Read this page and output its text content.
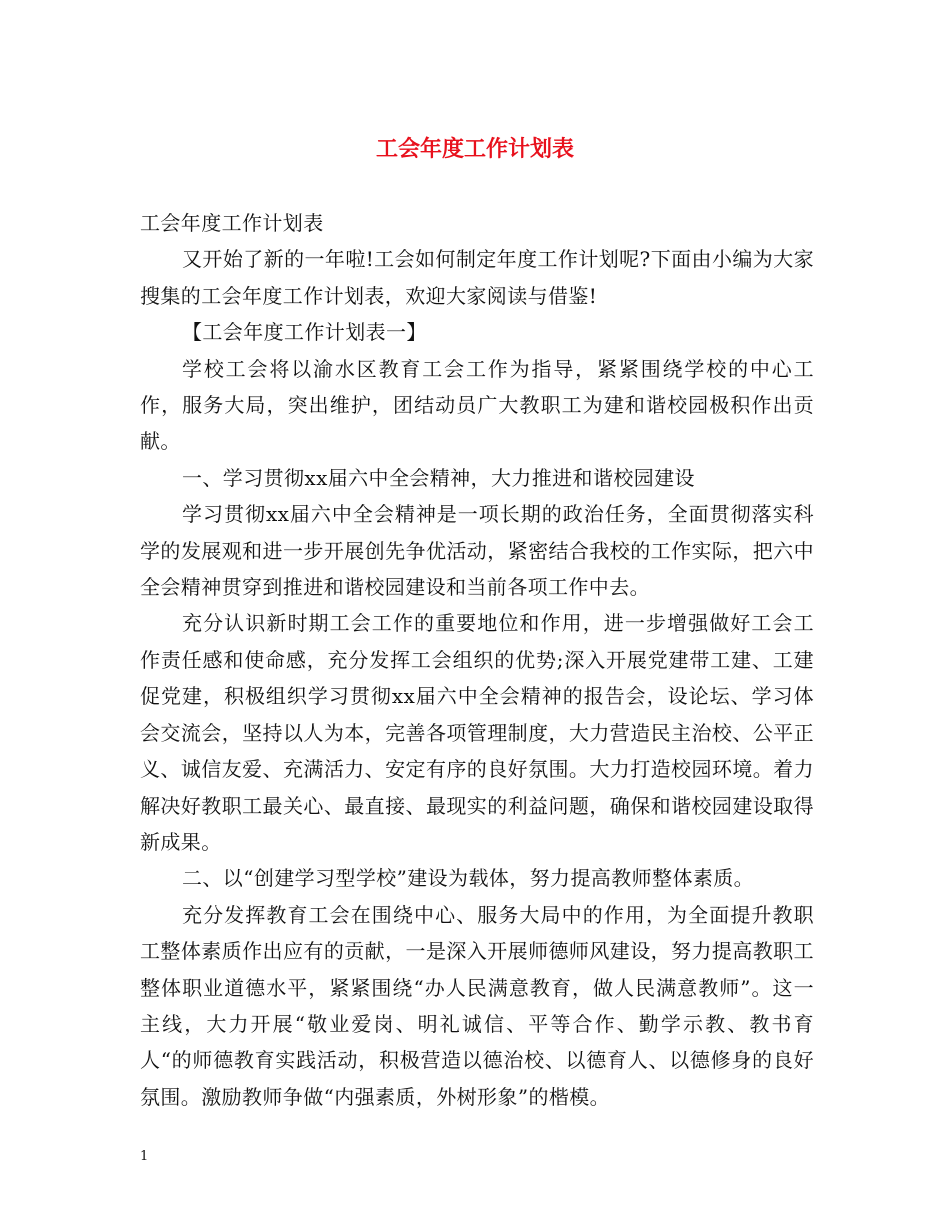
工会年度工作计划表

工会年度工作计划表

又开始了新的一年啦!工会如何制定年度工作计划呢?下面由小编为大家搜集的工会年度工作计划表，欢迎大家阅读与借鉴!

【工会年度工作计划表一】

学校工会将以渝水区教育工会工作为指导，紧紧围绕学校的中心工作，服务大局，突出维护，团结动员广大教职工为建和谐校园极积作出贡献。

一、学习贯彻xx届六中全会精神，大力推进和谐校园建设

学习贯彻xx届六中全会精神是一项长期的政治任务，全面贯彻落实科学的发展观和进一步开展创先争优活动，紧密结合我校的工作实际，把六中全会精神贯穿到推进和谐校园建设和当前各项工作中去。

充分认识新时期工会工作的重要地位和作用，进一步增强做好工会工作责任感和使命感，充分发挥工会组织的优势;深入开展党建带工建、工建促党建，积极组织学习贯彻xx届六中全会精神的报告会，设论坛、学习体会交流会，坚持以人为本，完善各项管理制度，大力营造民主治校、公平正义、诚信友爱、充满活力、安定有序的良好氛围。大力打造校园环境。着力解决好教职工最关心、最直接、最现实的利益问题，确保和谐校园建设取得新成果。

二、以“创建学习型学校”建设为载体，努力提高教师整体素质。

充分发挥教育工会在围绕中心、服务大局中的作用，为全面提升教职工整体素质作出应有的贡献，一是深入开展师德师风建设，努力提高教职工整体职业道德水平，紧紧围绕“办人民满意教育，做人民满意教师”。这一主线，大力开展“敬业爱岗、明礼诚信、平等合作、勤学示教、教书育人“的师德教育实践活动，积极营造以德治校、以德育人、以德修身的良好氛围。激励教师争做“内强素质，外树形象”的楷模。

1
